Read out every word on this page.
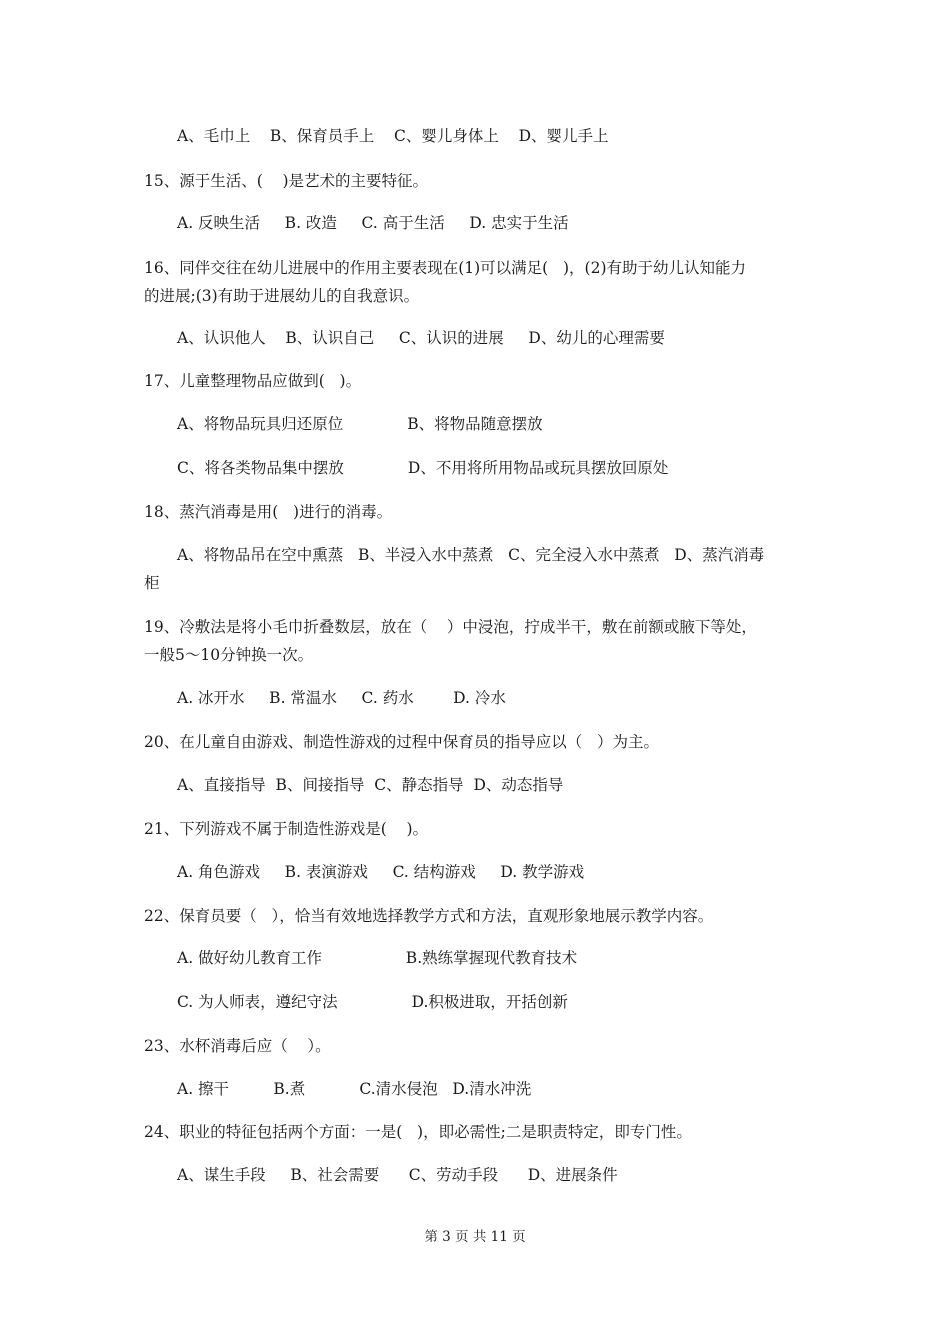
A、毛巾上    B、保育员手上    C、婴儿身体上    D、婴儿手上
15、源于生活、(    )是艺术的主要特征。
A. 反映生活     B. 改造     C. 高于生活     D. 忠实于生活
16、同伴交往在幼儿进展中的作用主要表现在(1)可以满足(   )，(2)有助于幼儿认知能力
的进展;(3)有助于进展幼儿的自我意识。
A、认识他人    B、认识自己     C、认识的进展     D、幼儿的心理需要
17、儿童整理物品应做到(   )。
A、将物品玩具归还原位             B、将物品随意摆放
C、将各类物品集中摆放             D、不用将所用物品或玩具摆放回原处
18、蒸汽消毒是用(   )进行的消毒。
A、将物品吊在空中熏蒸   B、半浸入水中蒸煮   C、完全浸入水中蒸煮   D、蒸汽消毒
柜
19、冷敷法是将小毛巾折叠数层，放在（    ）中浸泡，拧成半干，敷在前额或腋下等处，
一般5～10分钟换一次。
A. 冰开水     B. 常温水     C. 药水        D. 冷水
20、在儿童自由游戏、制造性游戏的过程中保育员的指导应以（   ）为主。
A、直接指导  B、间接指导  C、静态指导  D、动态指导
21、下列游戏不属于制造性游戏是(    )。
A. 角色游戏     B. 表演游戏     C. 结构游戏     D. 教学游戏
22、保育员要（   ），恰当有效地选择教学方式和方法，直观形象地展示教学内容。
A. 做好幼儿教育工作                 B.熟练掌握现代教育技术
C. 为人师表，遵纪守法               D.积极进取，开括创新
23、水杯消毒后应（    ）。
A. 擦干         B.煮           C.清水侵泡   D.清水冲洗
24、职业的特征包括两个方面：一是(   )，即必需性;二是职责特定，即专门性。
A、谋生手段     B、社会需要      C、劳动手段      D、进展条件
第 3 页 共 11 页
